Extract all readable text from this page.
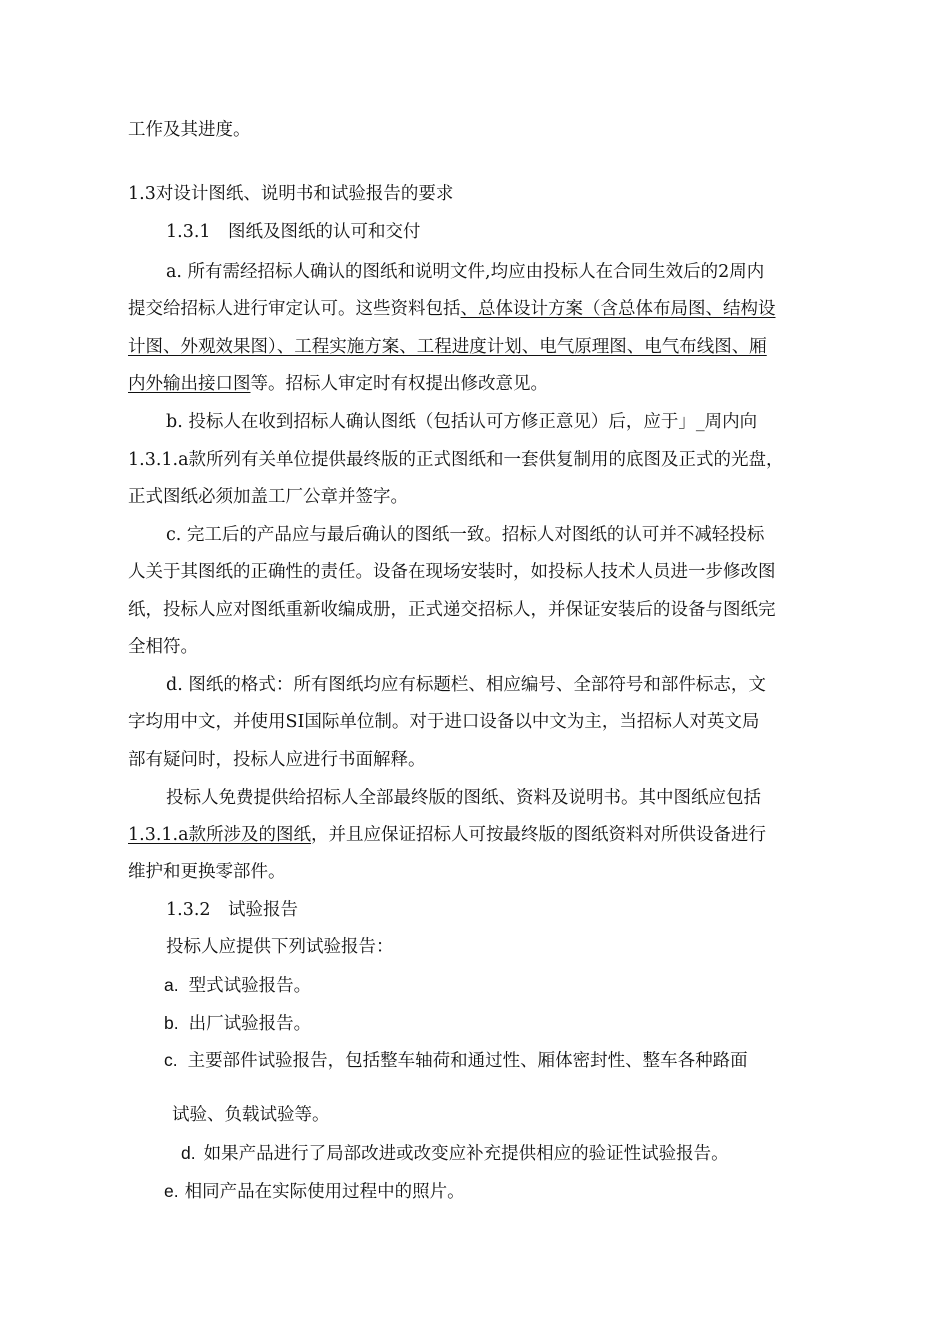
工作及其进度。
1.3对设计图纸、说明书和试验报告的要求
1.3.1　图纸及图纸的认可和交付
a. 所有需经招标人确认的图纸和说明文件,均应由投标人在合同生效后的2周内
提交给招标人进行审定认可。这些资料包括、总体设计方案（含总体布局图、结构设
计图、外观效果图）、工程实施方案、工程进度计划、电气原理图、电气布线图、厢
内外输出接口图等。招标人审定时有权提出修改意见。
b. 投标人在收到招标人确认图纸（包括认可方修正意见）后，应于」_周内向
1.3.1.a款所列有关单位提供最终版的正式图纸和一套供复制用的底图及正式的光盘，
正式图纸必须加盖工厂公章并签字。
c. 完工后的产品应与最后确认的图纸一致。招标人对图纸的认可并不减轻投标
人关于其图纸的正确性的责任。设备在现场安装时，如投标人技术人员进一步修改图
纸，投标人应对图纸重新收编成册，正式递交招标人，并保证安装后的设备与图纸完
全相符。
d. 图纸的格式：所有图纸均应有标题栏、相应编号、全部符号和部件标志，文
字均用中文，并使用SI国际单位制。对于进口设备以中文为主，当招标人对英文局
部有疑问时，投标人应进行书面解释。
投标人免费提供给招标人全部最终版的图纸、资料及说明书。其中图纸应包括
1.3.1.a款所涉及的图纸，并且应保证招标人可按最终版的图纸资料对所供设备进行
维护和更换零部件。
1.3.2　试验报告
投标人应提供下列试验报告：
a. 型式试验报告。
b. 出厂试验报告。
c. 主要部件试验报告，包括整车轴荷和通过性、厢体密封性、整车各种路面
试验、负载试验等。
d. 如果产品进行了局部改进或改变应补充提供相应的验证性试验报告。
e. 相同产品在实际使用过程中的照片。
